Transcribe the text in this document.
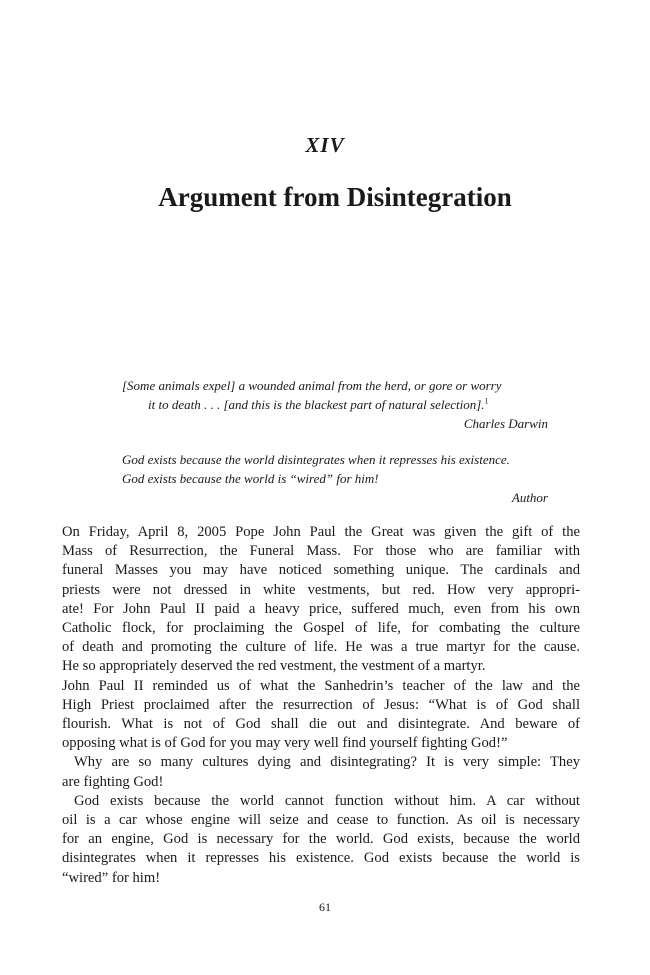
XIV
Argument from Disintegration
[Some animals expel] a wounded animal from the herd, or gore or worry
it to death . . . [and this is the blackest part of natural selection].$^1$
Charles Darwin
God exists because the world disintegrates when it represses his existence.
God exists because the world is “wired” for him!
Author

On Friday, April 8, 2005 Pope John Paul the Great was given the gift of the

Mass of Resurrection, the Funeral Mass. For those who are familiar with

funeral Masses you may have noticed something unique. The cardinals and

priests were not dressed in white vestments, but red. How very appropri-

ate! For John Paul II paid a heavy price, suffered much, even from his own

Catholic flock, for proclaiming the Gospel of life, for combating the culture

of death and promoting the culture of life. He was a true martyr for the cause.

He so appropriately deserved the red vestment, the vestment of a martyr.

John Paul II reminded us of what the Sanhedrin’s teacher of the law and the

High Priest proclaimed after the resurrection of Jesus: “What is of God shall

flourish. What is not of God shall die out and disintegrate. And beware of

opposing what is of God for you may very well find yourself fighting God!”

Why are so many cultures dying and disintegrating? It is very simple: They

are fighting God!

God exists because the world cannot function without him. A car without

oil is a car whose engine will seize and cease to function. As oil is necessary

for an engine, God is necessary for the world. God exists, because the world

disintegrates when it represses his existence. God exists because the world is

“wired” for him!

61
